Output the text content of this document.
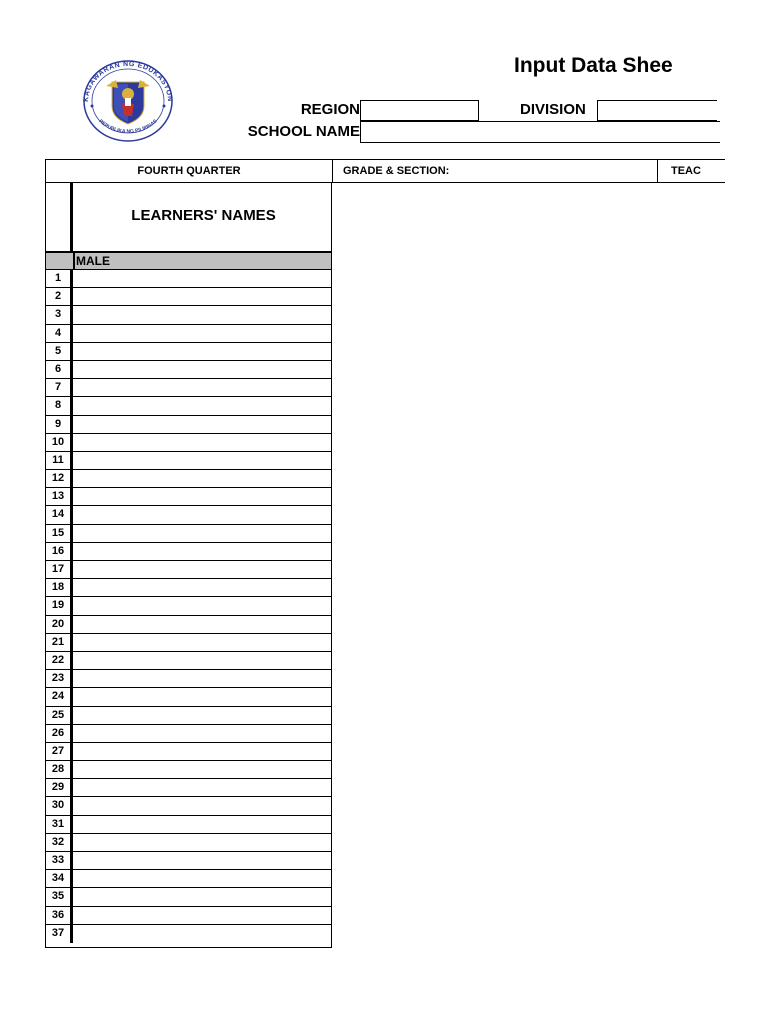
KAGAWARAN NG EDUKASYON
REPUBLIKA NG PILIPINAS
Input Data Shee
REGION	DIVISION
SCHOOL NAME
FOURTH QUARTER	GRADE & SECTION:	TEAC
LEARNERS' NAMES
MALE
1
2
3
4
5
6
7
8
9
10
11
12
13
14
15
16
17
18
19
20
21
22
23
24
25
26
27
28
29
30
31
32
33
34
35
36
37
